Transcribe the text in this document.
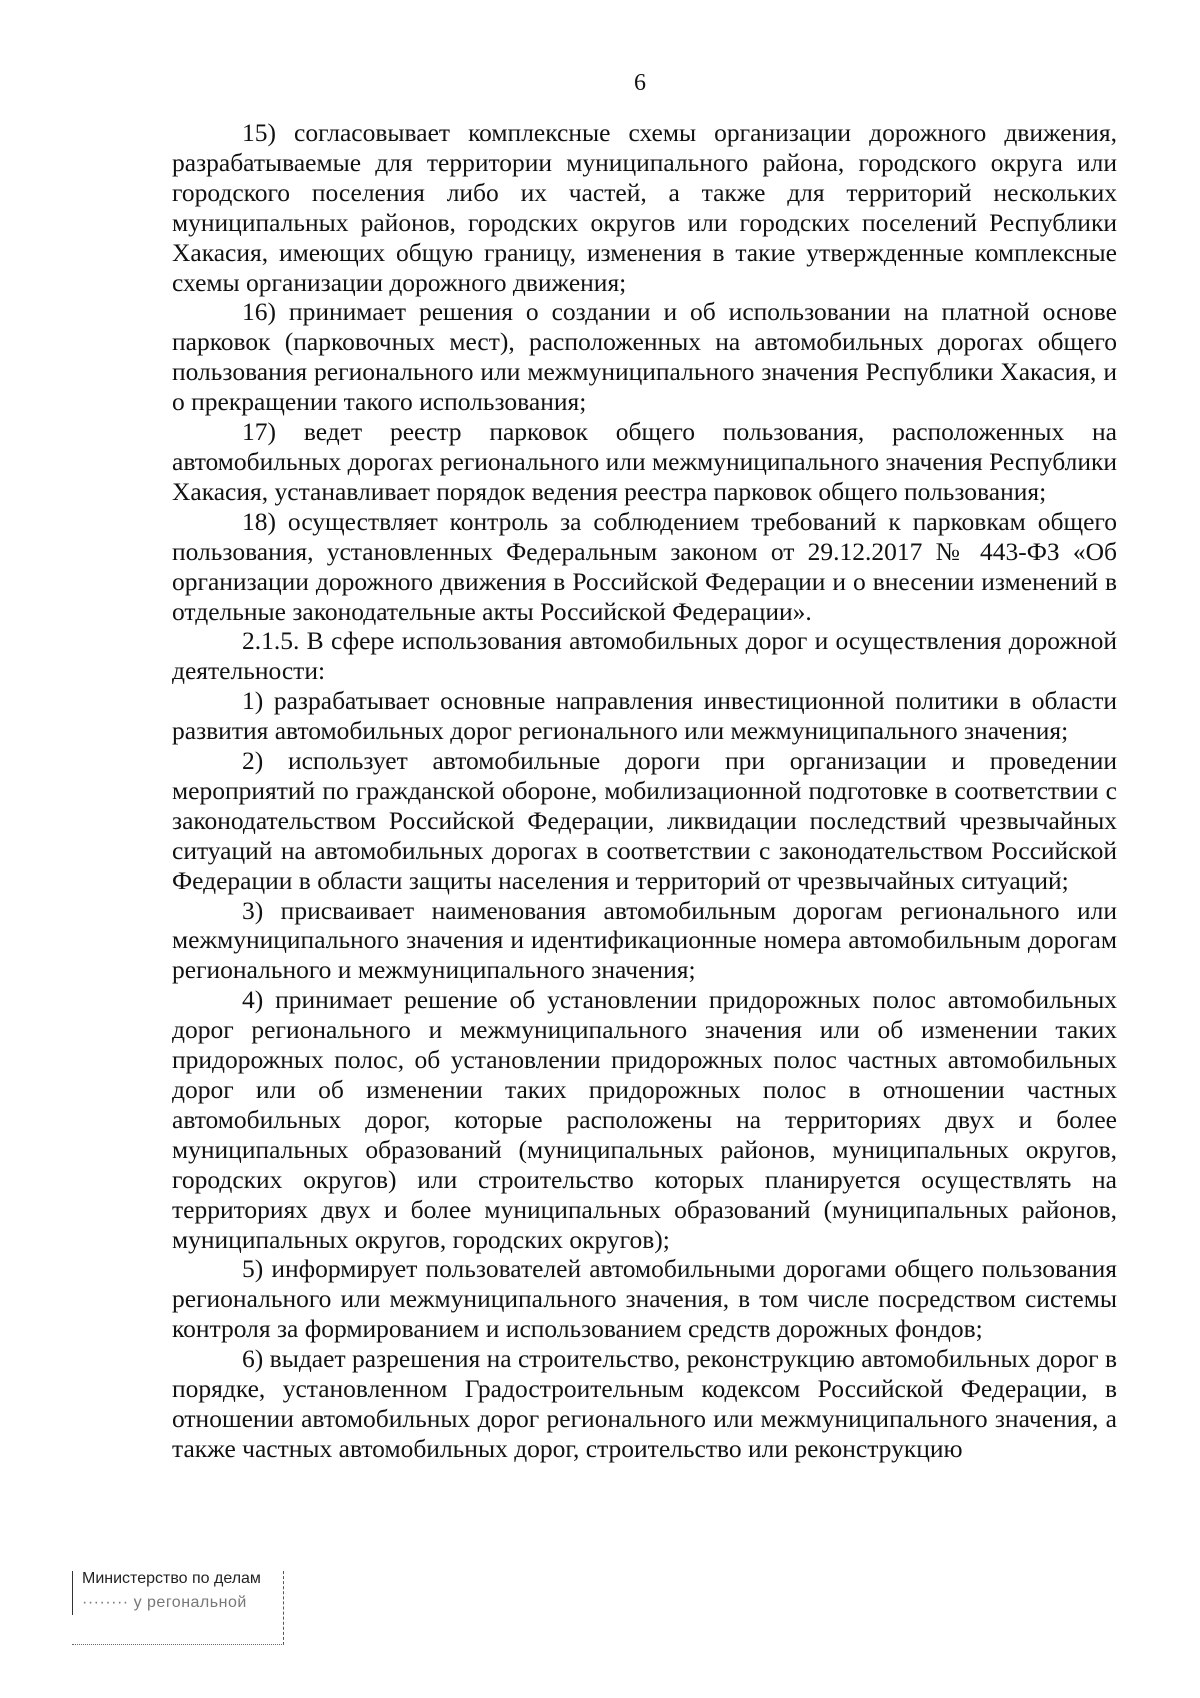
6

15) согласовывает комплексные схемы организации дорожного движения, разрабатываемые для территории муниципального района, городского округа или городского поселения либо их частей, а также для территорий нескольких муниципальных районов, городских округов или городских поселений Республики Хакасия, имеющих общую границу, изменения в такие утвержденные комплексные схемы организации дорожного движения;

16) принимает решения о создании и об использовании на платной основе парковок (парковочных мест), расположенных на автомобильных дорогах общего пользования регионального или межмуниципального значения Республики Хакасия, и о прекращении такого использования;

17) ведет реестр парковок общего пользования, расположенных на автомобильных дорогах регионального или межмуниципального значения Республики Хакасия, устанавливает порядок ведения реестра парковок общего пользования;

18) осуществляет контроль за соблюдением требований к парковкам общего пользования, установленных Федеральным законом от 29.12.2017 № 443-ФЗ «Об организации дорожного движения в Российской Федерации и о внесении изменений в отдельные законодательные акты Российской Федерации».

2.1.5. В сфере использования автомобильных дорог и осуществления дорожной деятельности:

1) разрабатывает основные направления инвестиционной политики в области развития автомобильных дорог регионального или межмуниципального значения;

2) использует автомобильные дороги при организации и проведении мероприятий по гражданской обороне, мобилизационной подготовке в соответствии с законодательством Российской Федерации, ликвидации последствий чрезвычайных ситуаций на автомобильных дорогах в соответствии с законодательством Российской Федерации в области защиты населения и территорий от чрезвычайных ситуаций;

3) присваивает наименования автомобильным дорогам регионального или межмуниципального значения и идентификационные номера автомобильным дорогам регионального и межмуниципального значения;

4) принимает решение об установлении придорожных полос автомобильных дорог регионального и межмуниципального значения или об изменении таких придорожных полос, об установлении придорожных полос частных автомобильных дорог или об изменении таких придорожных полос в отношении частных автомобильных дорог, которые расположены на территориях двух и более муниципальных образований (муниципальных районов, муниципальных округов, городских округов) или строительство которых планируется осуществлять на территориях двух и более муниципальных образований (муниципальных районов, муниципальных округов, городских округов);

5) информирует пользователей автомобильными дорогами общего пользования регионального или межмуниципального значения, в том числе посредством системы контроля за формированием и использованием средств дорожных фондов;

6) выдает разрешения на строительство, реконструкцию автомобильных дорог в порядке, установленном Градостроительным кодексом Российской Федерации, в отношении автомобильных дорог регионального или межмуниципального значения, а также частных автомобильных дорог, строительство или реконструкцию

Министерство по делам
········ у регональной
